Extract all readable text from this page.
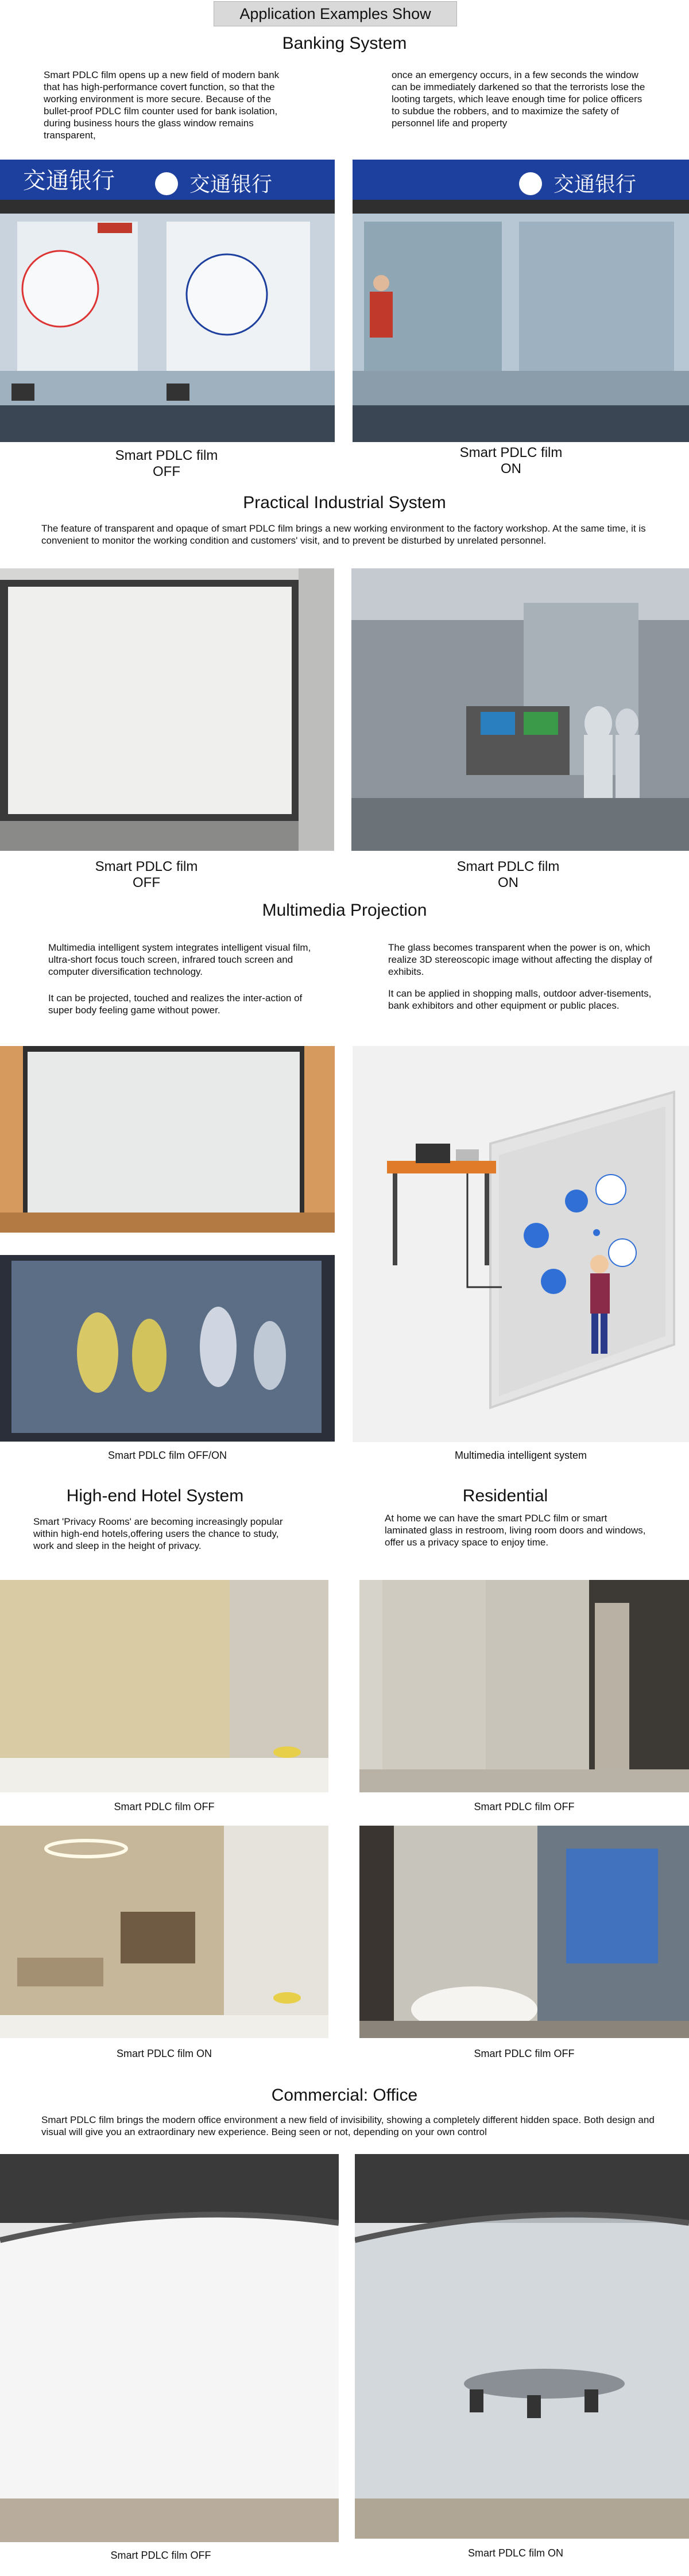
Application Examples Show
Banking System
Smart PDLC film opens up a new field of modern bank that has high-performance covert function, so that the working environment is more secure. Because of the bullet-proof PDLC film counter used for bank isolation, during business hours the glass window remains transparent,
once an emergency occurs, in a few seconds the window can be immediately darkened so that the terrorists lose the looting targets, which leave enough time for police officers to subdue the robbers, and to maximize the safety of personnel life and property
交通银行	交通银行	交通银行
Smart PDLC film
OFF
Smart PDLC film
ON
Practical Industrial System
The feature of transparent and opaque of smart PDLC film brings a new working environment to the factory workshop. At the same time, it is convenient to monitor the working condition and customers' visit, and to prevent be disturbed by unrelated personnel.
Smart PDLC film
OFF
Smart PDLC film
ON
Multimedia Projection
Multimedia intelligent system integrates intelligent visual film, ultra-short focus touch screen, infrared touch screen and computer diversification technology.
It can be projected, touched and realizes the inter-action of super body feeling game without power.
The glass becomes transparent when the power is on, which realize 3D stereoscopic image without affecting the display of exhibits.
It can be applied in shopping malls, outdoor adver-tisements, bank exhibitors and other equipment or public places.
Smart PDLC film OFF/ON	Multimedia intelligent system
High-end Hotel System
Smart 'Privacy Rooms' are becoming increasingly popular within high-end hotels,offering users the chance to study, work and sleep in the height of privacy.
Residential
At home we can have the smart PDLC film or smart laminated glass in restroom, living room doors and windows, offer us a privacy space to enjoy time.
Smart PDLC film OFF	Smart PDLC film OFF
Smart PDLC film ON	Smart PDLC film OFF
Commercial: Office
Smart PDLC film brings the modern office environment a new field of invisibility, showing a completely different hidden space. Both design and visual will give you an extraordinary new experience. Being seen or not, depending on your own control
Smart PDLC film OFF	Smart PDLC film ON
